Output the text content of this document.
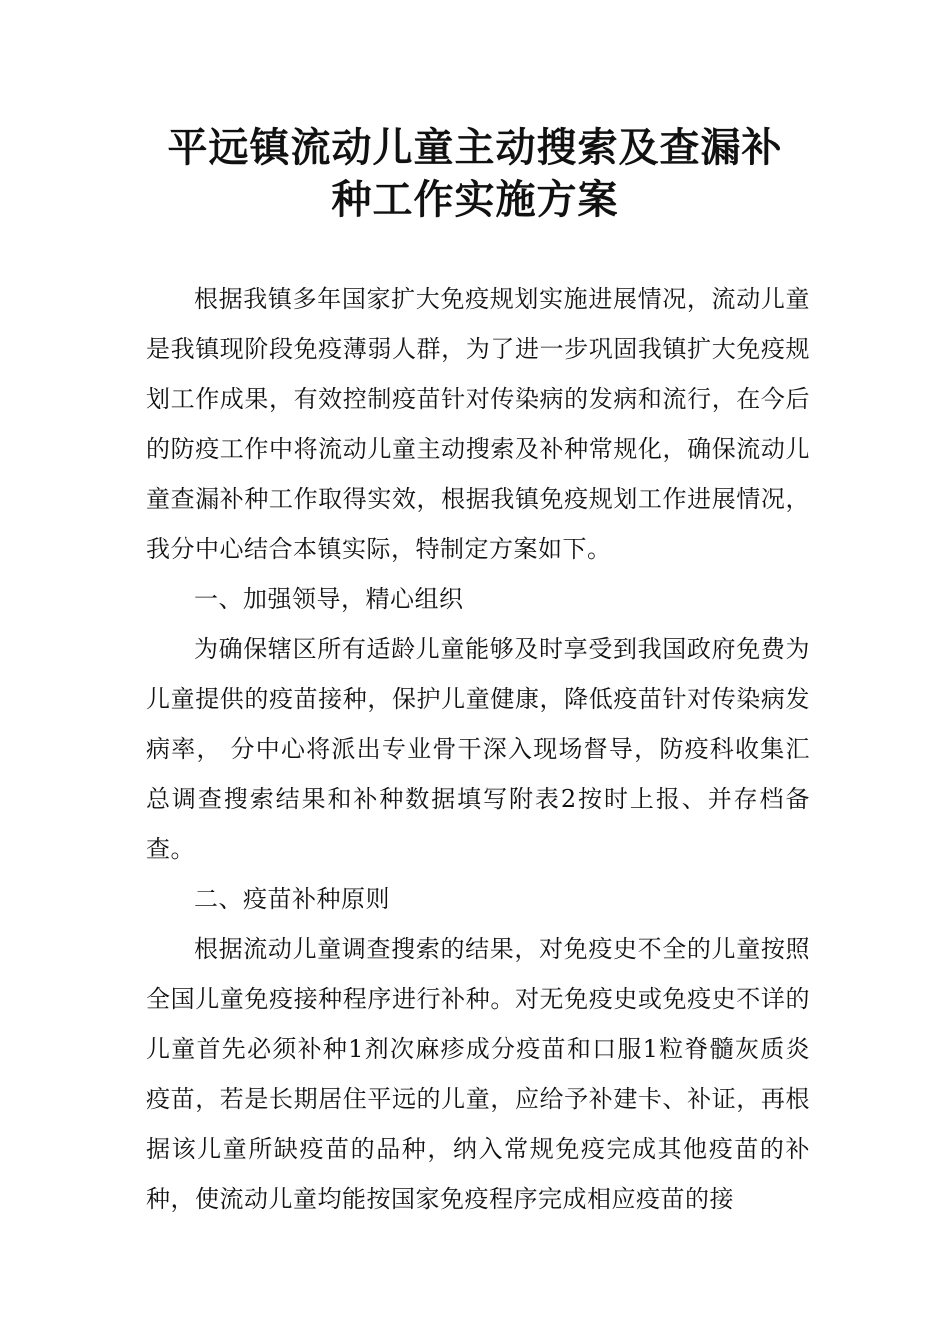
平远镇流动儿童主动搜索及查漏补
种工作实施方案

根据我镇多年国家扩大免疫规划实施进展情况，流动儿童是我镇现阶段免疫薄弱人群，为了进一步巩固我镇扩大免疫规划工作成果，有效控制疫苗针对传染病的发病和流行，在今后的防疫工作中将流动儿童主动搜索及补种常规化，确保流动儿童查漏补种工作取得实效，根据我镇免疫规划工作进展情况，我分中心结合本镇实际，特制定方案如下。

一、加强领导，精心组织

为确保辖区所有适龄儿童能够及时享受到我国政府免费为儿童提供的疫苗接种，保护儿童健康，降低疫苗针对传染病发病率， 分中心将派出专业骨干深入现场督导，防疫科收集汇总调查搜索结果和补种数据填写附表2按时上报、并存档备查。

二、疫苗补种原则

根据流动儿童调查搜索的结果，对免疫史不全的儿童按照全国儿童免疫接种程序进行补种。对无免疫史或免疫史不详的儿童首先必须补种1剂次麻疹成分疫苗和口服1粒脊髓灰质炎疫苗，若是长期居住平远的儿童，应给予补建卡、补证，再根据该儿童所缺疫苗的品种，纳入常规免疫完成其他疫苗的补种，使流动儿童均能按国家免疫程序完成相应疫苗的接
